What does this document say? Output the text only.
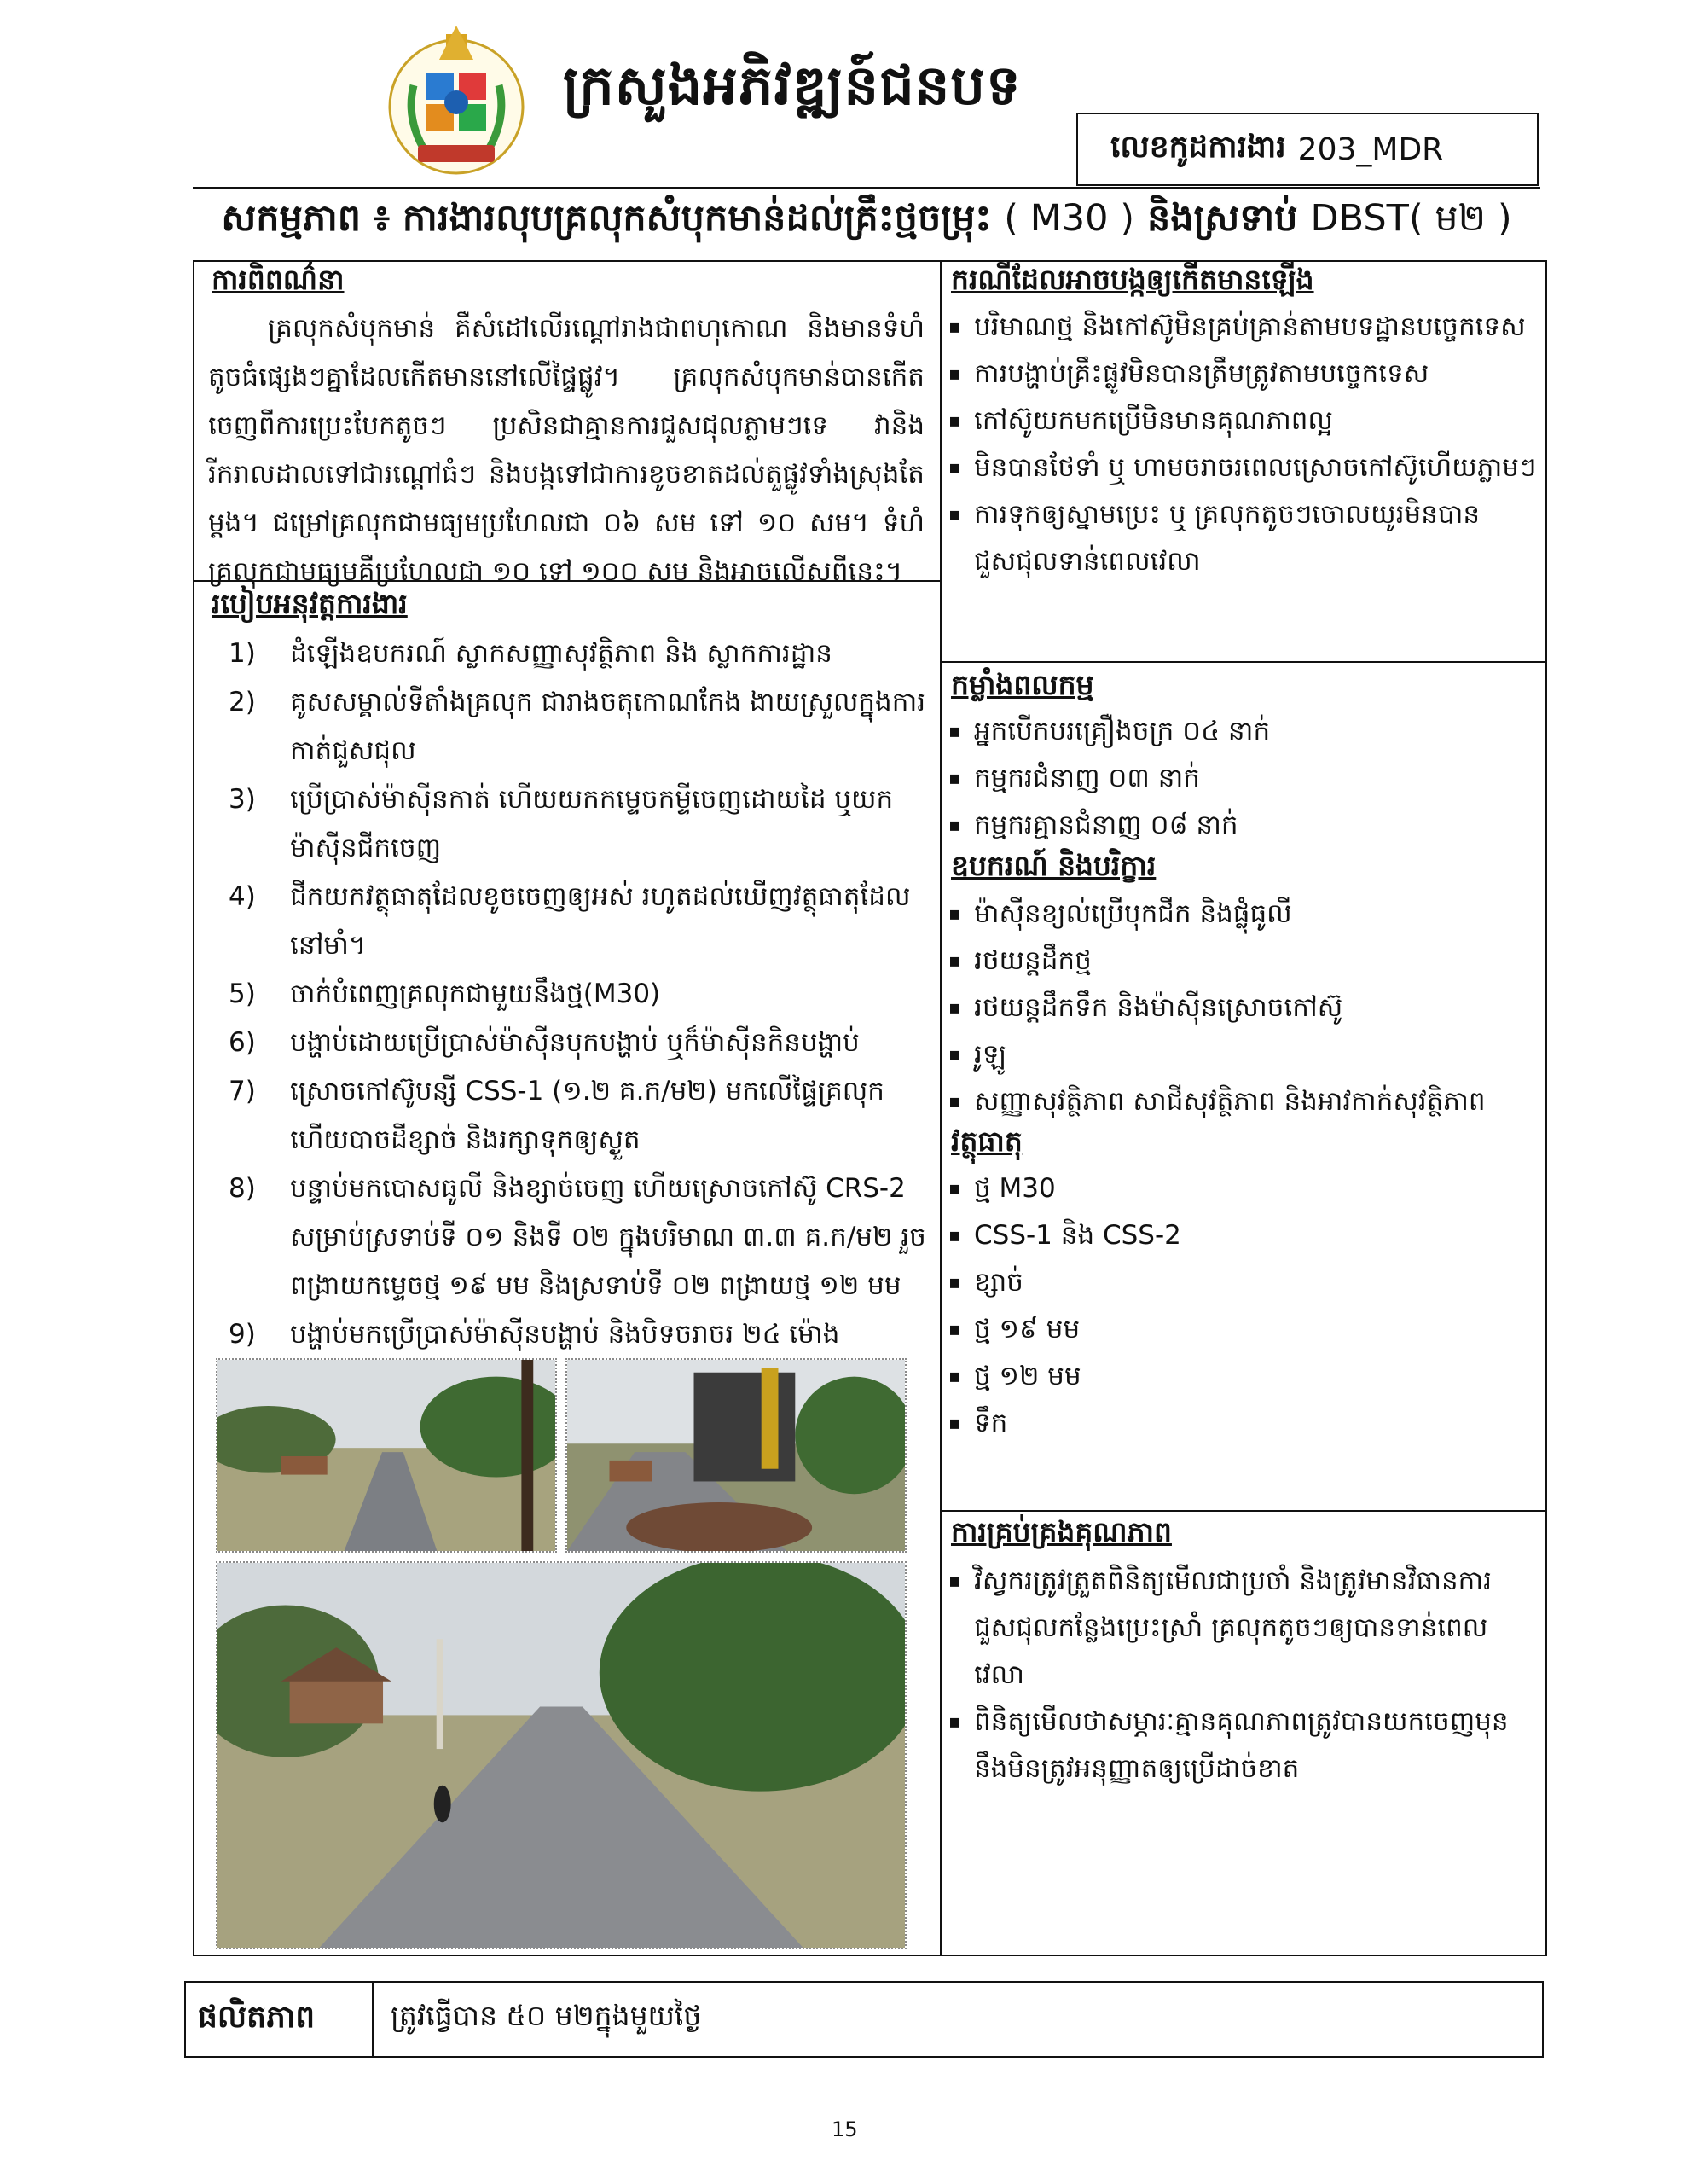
ក្រសួងអភិវឌ្ឍន៍ជនបទ
លេខកូដការងារ 203_MDR
សកម្មភាព ៖ ការងារលុបគ្រលុកសំបុកមាន់ដល់គ្រឹះថ្មចម្រុះ ( M30 ) និងស្រទាប់ DBST( ម២ )
ការពិពណ៌នា
គ្រលុកសំបុកមាន់ គឺសំដៅលើរណ្ដៅរាងជាពហុកោណ និងមានទំហំតូចធំផ្សេងៗគ្នាដែលកើតមាននៅលើផ្ទៃផ្លូវ។ គ្រលុកសំបុកមាន់បានកើតចេញពីការប្រេះបែកតូចៗ ប្រសិនជាគ្មានការជួសជុលភ្លាមៗទេ វានិងរីករាលដាលទៅជារណ្ដៅធំៗ និងបង្កទៅជាការខូចខាតដល់តួផ្លូវទាំងស្រុងតែម្ដង។ ជម្រៅគ្រលុកជាមធ្យមប្រហែលជា ០៦ សម ទៅ ១០ សម។ ទំហំគ្រលុកជាមធ្យមគឺប្រហែលជា ១០ ទៅ ១០០ សម និងអាចលើសពីនេះ។
របៀបអនុវត្តការងារ
1)	ដំឡើងឧបករណ៍ ស្លាកសញ្ញាសុវត្ថិភាព និង ស្លាកការដ្ឋាន
2)	គូសសម្គាល់ទីតាំងគ្រលុក ជារាងចតុកោណកែង ងាយស្រួលក្នុងការកាត់ជួសជុល
3)	ប្រើប្រាស់ម៉ាស៊ីនកាត់ ហើយយកកម្ទេចកម្ទីចេញដោយដៃ ឬយកម៉ាស៊ីនជីកចេញ
4)	ជីកយកវត្ថុធាតុដែលខូចចេញឲ្យអស់ រហូតដល់ឃើញវត្ថុធាតុដែលនៅមាំ។
5)	ចាក់បំពេញគ្រលុកជាមួយនឹងថ្ម(M30)
6)	បង្ហាប់ដោយប្រើប្រាស់ម៉ាស៊ីនបុកបង្ហាប់ ឬក៏ម៉ាស៊ីនកិនបង្ហាប់
7)	ស្រោចកៅស៊ូបន្សី CSS-1 (១.២ គ.ក/ម២) មកលើផ្ទៃគ្រលុកហើយបាចដីខ្សាច់ និងរក្សាទុកឲ្យស្ងួត
8)	បន្ទាប់មកបោសធូលី និងខ្សាច់ចេញ ហើយស្រោចកៅស៊ូ CRS-2 សម្រាប់ស្រទាប់ទី ០១ និងទី ០២ ក្នុងបរិមាណ ៣.៣ គ.ក/ម២ រួចពង្រាយកម្ទេចថ្ម ១៩ មម និងស្រទាប់ទី ០២ ពង្រាយថ្ម ១២ មម
9)	បង្ហាប់មកប្រើប្រាស់ម៉ាស៊ីនបង្ហាប់ និងបិទចរាចរ ២៤ ម៉ោង
ករណីដែលអាចបង្កឲ្យកើតមានឡើង
▪ បរិមាណថ្ម និងកៅស៊ូមិនគ្រប់គ្រាន់តាមបទដ្ឋានបច្ចេកទេស
▪ ការបង្ហាប់គ្រឹះផ្លូវមិនបានត្រឹមត្រូវតាមបច្ចេកទេស
▪ កៅស៊ូយកមកប្រើមិនមានគុណភាពល្អ
▪ មិនបានថែទាំ ឬ ហាមចរាចរពេលស្រោចកៅស៊ូហើយភ្លាមៗ
▪ ការទុកឲ្យស្នាមប្រេះ ឬ គ្រលុកតូចៗចោលយូរមិនបានជួសជុលទាន់ពេលវេលា
កម្លាំងពលកម្ម
▪ អ្នកបើកបរគ្រឿងចក្រ ០៤ នាក់
▪ កម្មករជំនាញ ០៣ នាក់
▪ កម្មករគ្មានជំនាញ ០៨ នាក់
ឧបករណ៍ និងបរិក្ខារ
▪ ម៉ាស៊ីនខ្យល់ប្រើបុកជីក និងផ្លុំធូលី
▪ រថយន្តដឹកថ្ម
▪ រថយន្តដឹកទឹក និងម៉ាស៊ីនស្រោចកៅស៊ូ
▪ រូឡូ
▪ សញ្ញាសុវត្ថិភាព សាជីសុវត្ថិភាព និងអាវកាក់សុវត្ថិភាព
វត្ថុធាតុ
▪ ថ្ម M30
▪ CSS-1 និង CSS-2
▪ ខ្សាច់
▪ ថ្ម ១៩ មម
▪ ថ្ម ១២ មម
▪ ទឹក
ការគ្រប់គ្រងគុណភាព
▪ វិស្វករត្រូវត្រួតពិនិត្យមើលជាប្រចាំ និងត្រូវមានវិធានការជួសជុលកន្លែងប្រេះស្រាំ គ្រលុកតូចៗឲ្យបានទាន់ពេលវេលា
▪ ពិនិត្យមើលថាសម្ភារៈគ្មានគុណភាពត្រូវបានយកចេញមុននឹងមិនត្រូវអនុញ្ញាតឲ្យប្រើដាច់ខាត
ផលិតភាព	ត្រូវធ្វើបាន ៥០ ម២ក្នុងមួយថ្ងៃ
15
